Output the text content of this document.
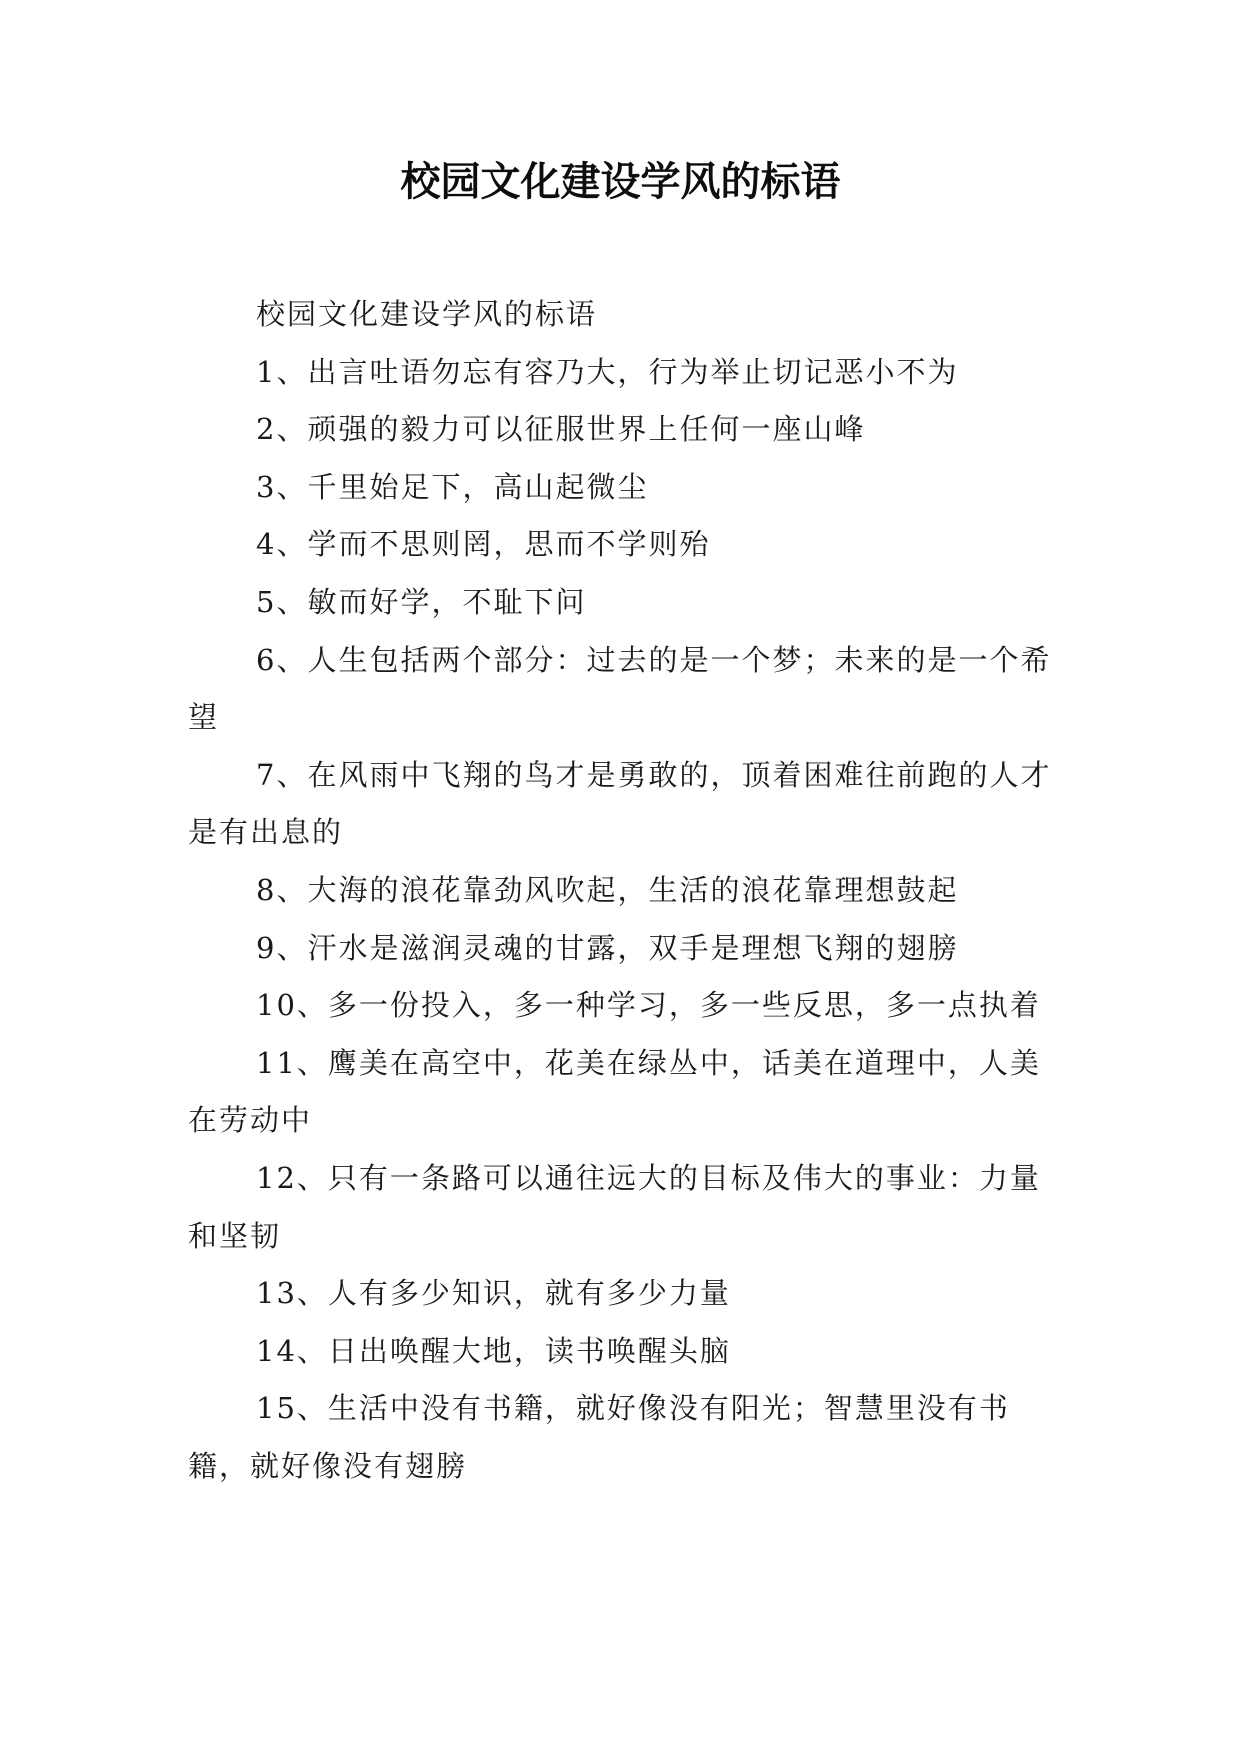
校园文化建设学风的标语

校园文化建设学风的标语

1、出言吐语勿忘有容乃大，行为举止切记恶小不为

2、顽强的毅力可以征服世界上任何一座山峰

3、千里始足下，高山起微尘

4、学而不思则罔，思而不学则殆

5、敏而好学，不耻下问

6、人生包括两个部分：过去的是一个梦；未来的是一个希望

7、在风雨中飞翔的鸟才是勇敢的，顶着困难往前跑的人才是有出息的

8、大海的浪花靠劲风吹起，生活的浪花靠理想鼓起

9、汗水是滋润灵魂的甘露，双手是理想飞翔的翅膀

10、多一份投入，多一种学习，多一些反思，多一点执着

11、鹰美在高空中，花美在绿丛中，话美在道理中，人美在劳动中

12、只有一条路可以通往远大的目标及伟大的事业：力量和坚韧

13、人有多少知识，就有多少力量

14、日出唤醒大地，读书唤醒头脑

15、生活中没有书籍，就好像没有阳光；智慧里没有书籍，就好像没有翅膀
